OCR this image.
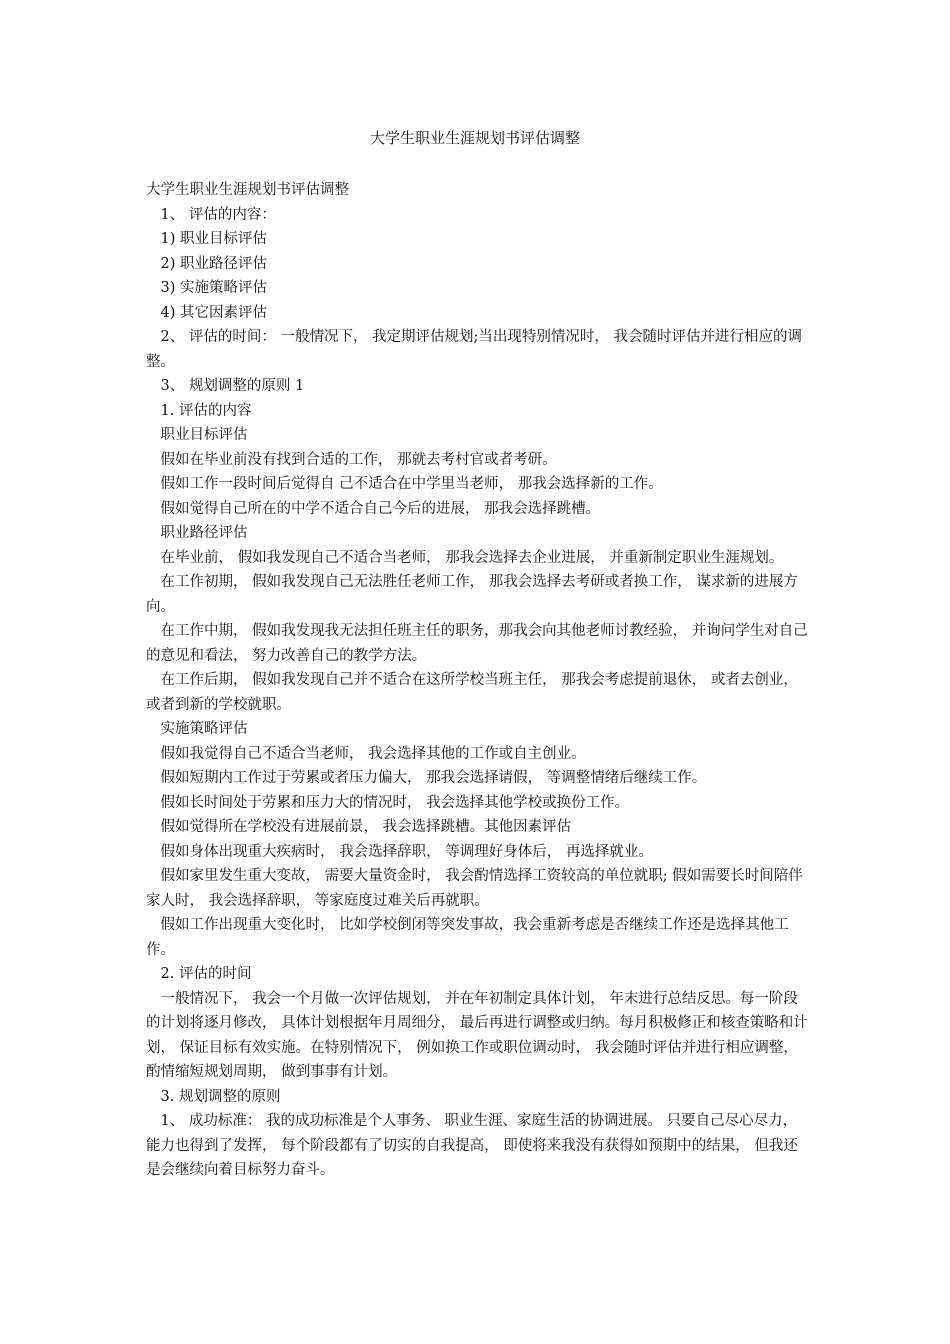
大学生职业生涯规划书评估调整

大学生职业生涯规划书评估调整

　1、 评估的内容：

　1) 职业目标评估

　2) 职业路径评估

　3) 实施策略评估

　4) 其它因素评估

　2、 评估的时间： 一般情况下， 我定期评估规划;当出现特别情况时， 我会随时评估并进行相应的调整。

　3、 规划调整的原则 1

　1. 评估的内容

　职业目标评估

　假如在毕业前没有找到合适的工作， 那就去考村官或者考研。

　假如工作一段时间后觉得自 己不适合在中学里当老师， 那我会选择新的工作。

　假如觉得自己所在的中学不适合自己今后的进展， 那我会选择跳槽。

　职业路径评估

　在毕业前， 假如我发现自己不适合当老师， 那我会选择去企业进展， 并重新制定职业生涯规划。

　在工作初期， 假如我发现自己无法胜任老师工作， 那我会选择去考研或者换工作， 谋求新的进展方向。

　在工作中期， 假如我发现我无法担任班主任的职务，那我会向其他老师讨教经验， 并询问学生对自己的意见和看法， 努力改善自己的教学方法。

　在工作后期， 假如我发现自己并不适合在这所学校当班主任， 那我会考虑提前退休， 或者去创业， 或者到新的学校就职。

　实施策略评估

　假如我觉得自己不适合当老师， 我会选择其他的工作或自主创业。

　假如短期内工作过于劳累或者压力偏大， 那我会选择请假， 等调整情绪后继续工作。

　假如长时间处于劳累和压力大的情况时， 我会选择其他学校或换份工作。

　假如觉得所在学校没有进展前景， 我会选择跳槽。其他因素评估

　假如身体出现重大疾病时， 我会选择辞职， 等调理好身体后， 再选择就业。

　假如家里发生重大变故， 需要大量资金时， 我会酌情选择工资较高的单位就职; 假如需要长时间陪伴家人时， 我会选择辞职， 等家庭度过难关后再就职。

　假如工作出现重大变化时， 比如学校倒闭等突发事故，我会重新考虑是否继续工作还是选择其他工作。

　2. 评估的时间

　一般情况下， 我会一个月做一次评估规划， 并在年初制定具体计划， 年末进行总结反思。每一阶段的计划将逐月修改， 具体计划根据年月周细分， 最后再进行调整或归纳。每月积极修正和核查策略和计划， 保证目标有效实施。在特别情况下， 例如换工作或职位调动时， 我会随时评估并进行相应调整， 酌情缩短规划周期， 做到事事有计划。

　3. 规划调整的原则

　1、 成功标准： 我的成功标准是个人事务、 职业生涯、家庭生活的协调进展。 只要自己尽心尽力， 能力也得到了发挥， 每个阶段都有了切实的自我提高， 即使将来我没有获得如预期中的结果， 但我还是会继续向着目标努力奋斗。
